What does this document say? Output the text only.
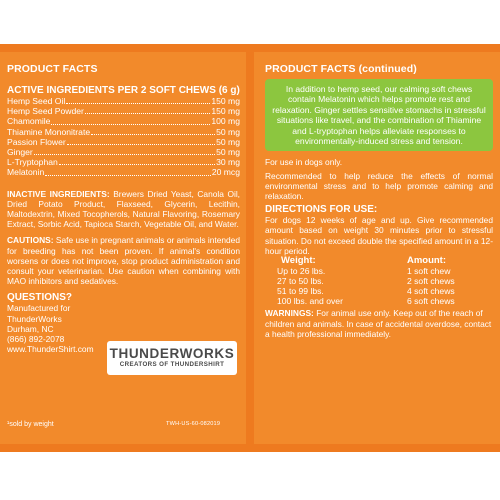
PRODUCT FACTS

ACTIVE INGREDIENTS PER 2 SOFT CHEWS (6 g)

Hemp Seed Oil	150 mg
Hemp Seed Powder	150 mg
Chamomile	100 mg
Thiamine Mononitrate	50 mg
Passion Flower	50 mg
Ginger	50 mg
L-Tryptophan	30 mg
Melatonin	20 mcg

INACTIVE INGREDIENTS: Brewers Dried Yeast, Canola Oil, Dried Potato Product, Flaxseed, Glycerin, Lecithin, Maltodextrin, Mixed Tocopherols, Natural Flavoring, Rosemary Extract, Sorbic Acid, Tapioca Starch, Vegetable Oil, and Water.

CAUTIONS: Safe use in pregnant animals or animals intended for breeding has not been proven. If animal's condition worsens or does not improve, stop product administration and consult your veterinarian. Use caution when combining with MAO inhibitors and sedatives.

QUESTIONS?

Manufactured for
ThunderWorks
Durham, NC
(866) 892-2078
www.ThunderShirt.com	THUNDERWORKS
CREATORS OF THUNDERSHIRT
¹sold by weight	TWH-US-60-082019

PRODUCT FACTS (continued)

In addition to hemp seed, our calming soft chews contain Melatonin which helps promote rest and relaxation. Ginger settles sensitive stomachs in stressful situations like travel, and the combination of Thiamine and L-tryptophan helps alleviate responses to environmentally-induced stress and tension.

For use in dogs only.

Recommended to help reduce the effects of normal environmental stress and to help promote calming and relaxation.

DIRECTIONS FOR USE:

For dogs 12 weeks of age and up. Give recommended amount based on weight 30 minutes prior to stressful situation. Do not exceed double the specified amount in a 12-hour period.

Weight:	Amount:
Up to 26 lbs.	1 soft chew
27 to 50 lbs.	2 soft chews
51 to 99 lbs.	4 soft chews
100 lbs. and over	6 soft chews

WARNINGS: For animal use only. Keep out of the reach of children and animals. In case of accidental overdose, contact a health professional immediately.
